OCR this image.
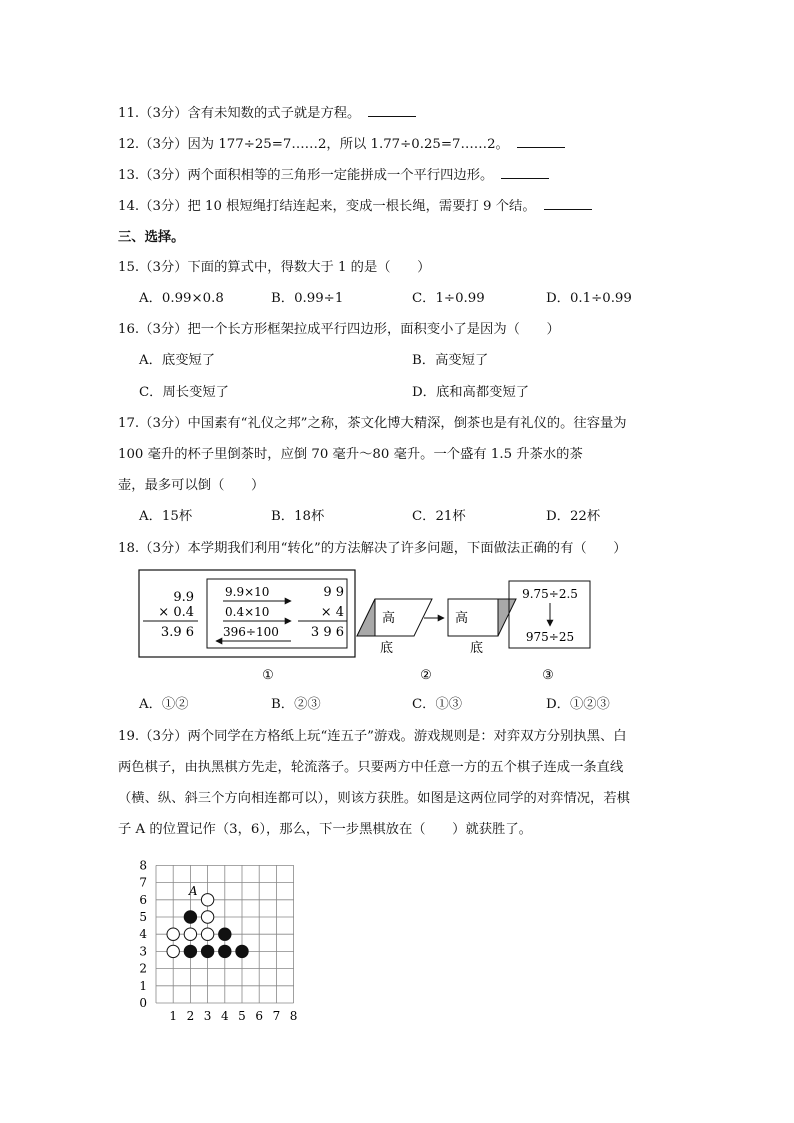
11.（3分）含有未知数的式子就是方程。
12.（3分）因为 177÷25=7……2，所以 1.77÷0.25=7……2。
13.（3分）两个面积相等的三角形一定能拼成一个平行四边形。
14.（3分）把 10 根短绳打结连起来，变成一根长绳，需要打 9 个结。
三、选择。
15.（3分）下面的算式中，得数大于 1 的是（　　）
A．0.99×0.8	B．0.99÷1	C．1÷0.99	D．0.1÷0.99
16.（3分）把一个长方形框架拉成平行四边形，面积变小了是因为（　　）
A．底变短了	B．高变短了
C．周长变短了	D．底和高都变短了
17.（3分）中国素有“礼仪之邦”之称，茶文化博大精深，倒茶也是有礼仪的。往容量为
100 毫升的杯子里倒茶时，应倒 70 毫升～80 毫升。一个盛有 1.5 升茶水的茶
壶，最多可以倒（　　）
A．15杯	B．18杯	C．21杯	D．22杯
18.（3分）本学期我们利用“转化”的方法解决了许多问题，下面做法正确的有（　　）
9.9
× 0.4
3.9 6
9.9×10
0.4×10
396÷100
9 9
× 4
3 9 6
①
高
底
高
底
②
9.75÷2.5
975÷25
③
1 2 3 4 5 6 7 8
0
1
2
3
4
5
6
7
8
A
A．①②	B．②③	C．①③	D．①②③
19.（3分）两个同学在方格纸上玩“连五子”游戏。游戏规则是：对弈双方分别执黑、白
两色棋子，由执黑棋方先走，轮流落子。只要两方中任意一方的五个棋子连成一条直线
（横、纵、斜三个方向相连都可以），则该方获胜。如图是这两位同学的对弈情况，若棋
子 A 的位置记作（3，6），那么，下一步黑棋放在（　　）就获胜了。
